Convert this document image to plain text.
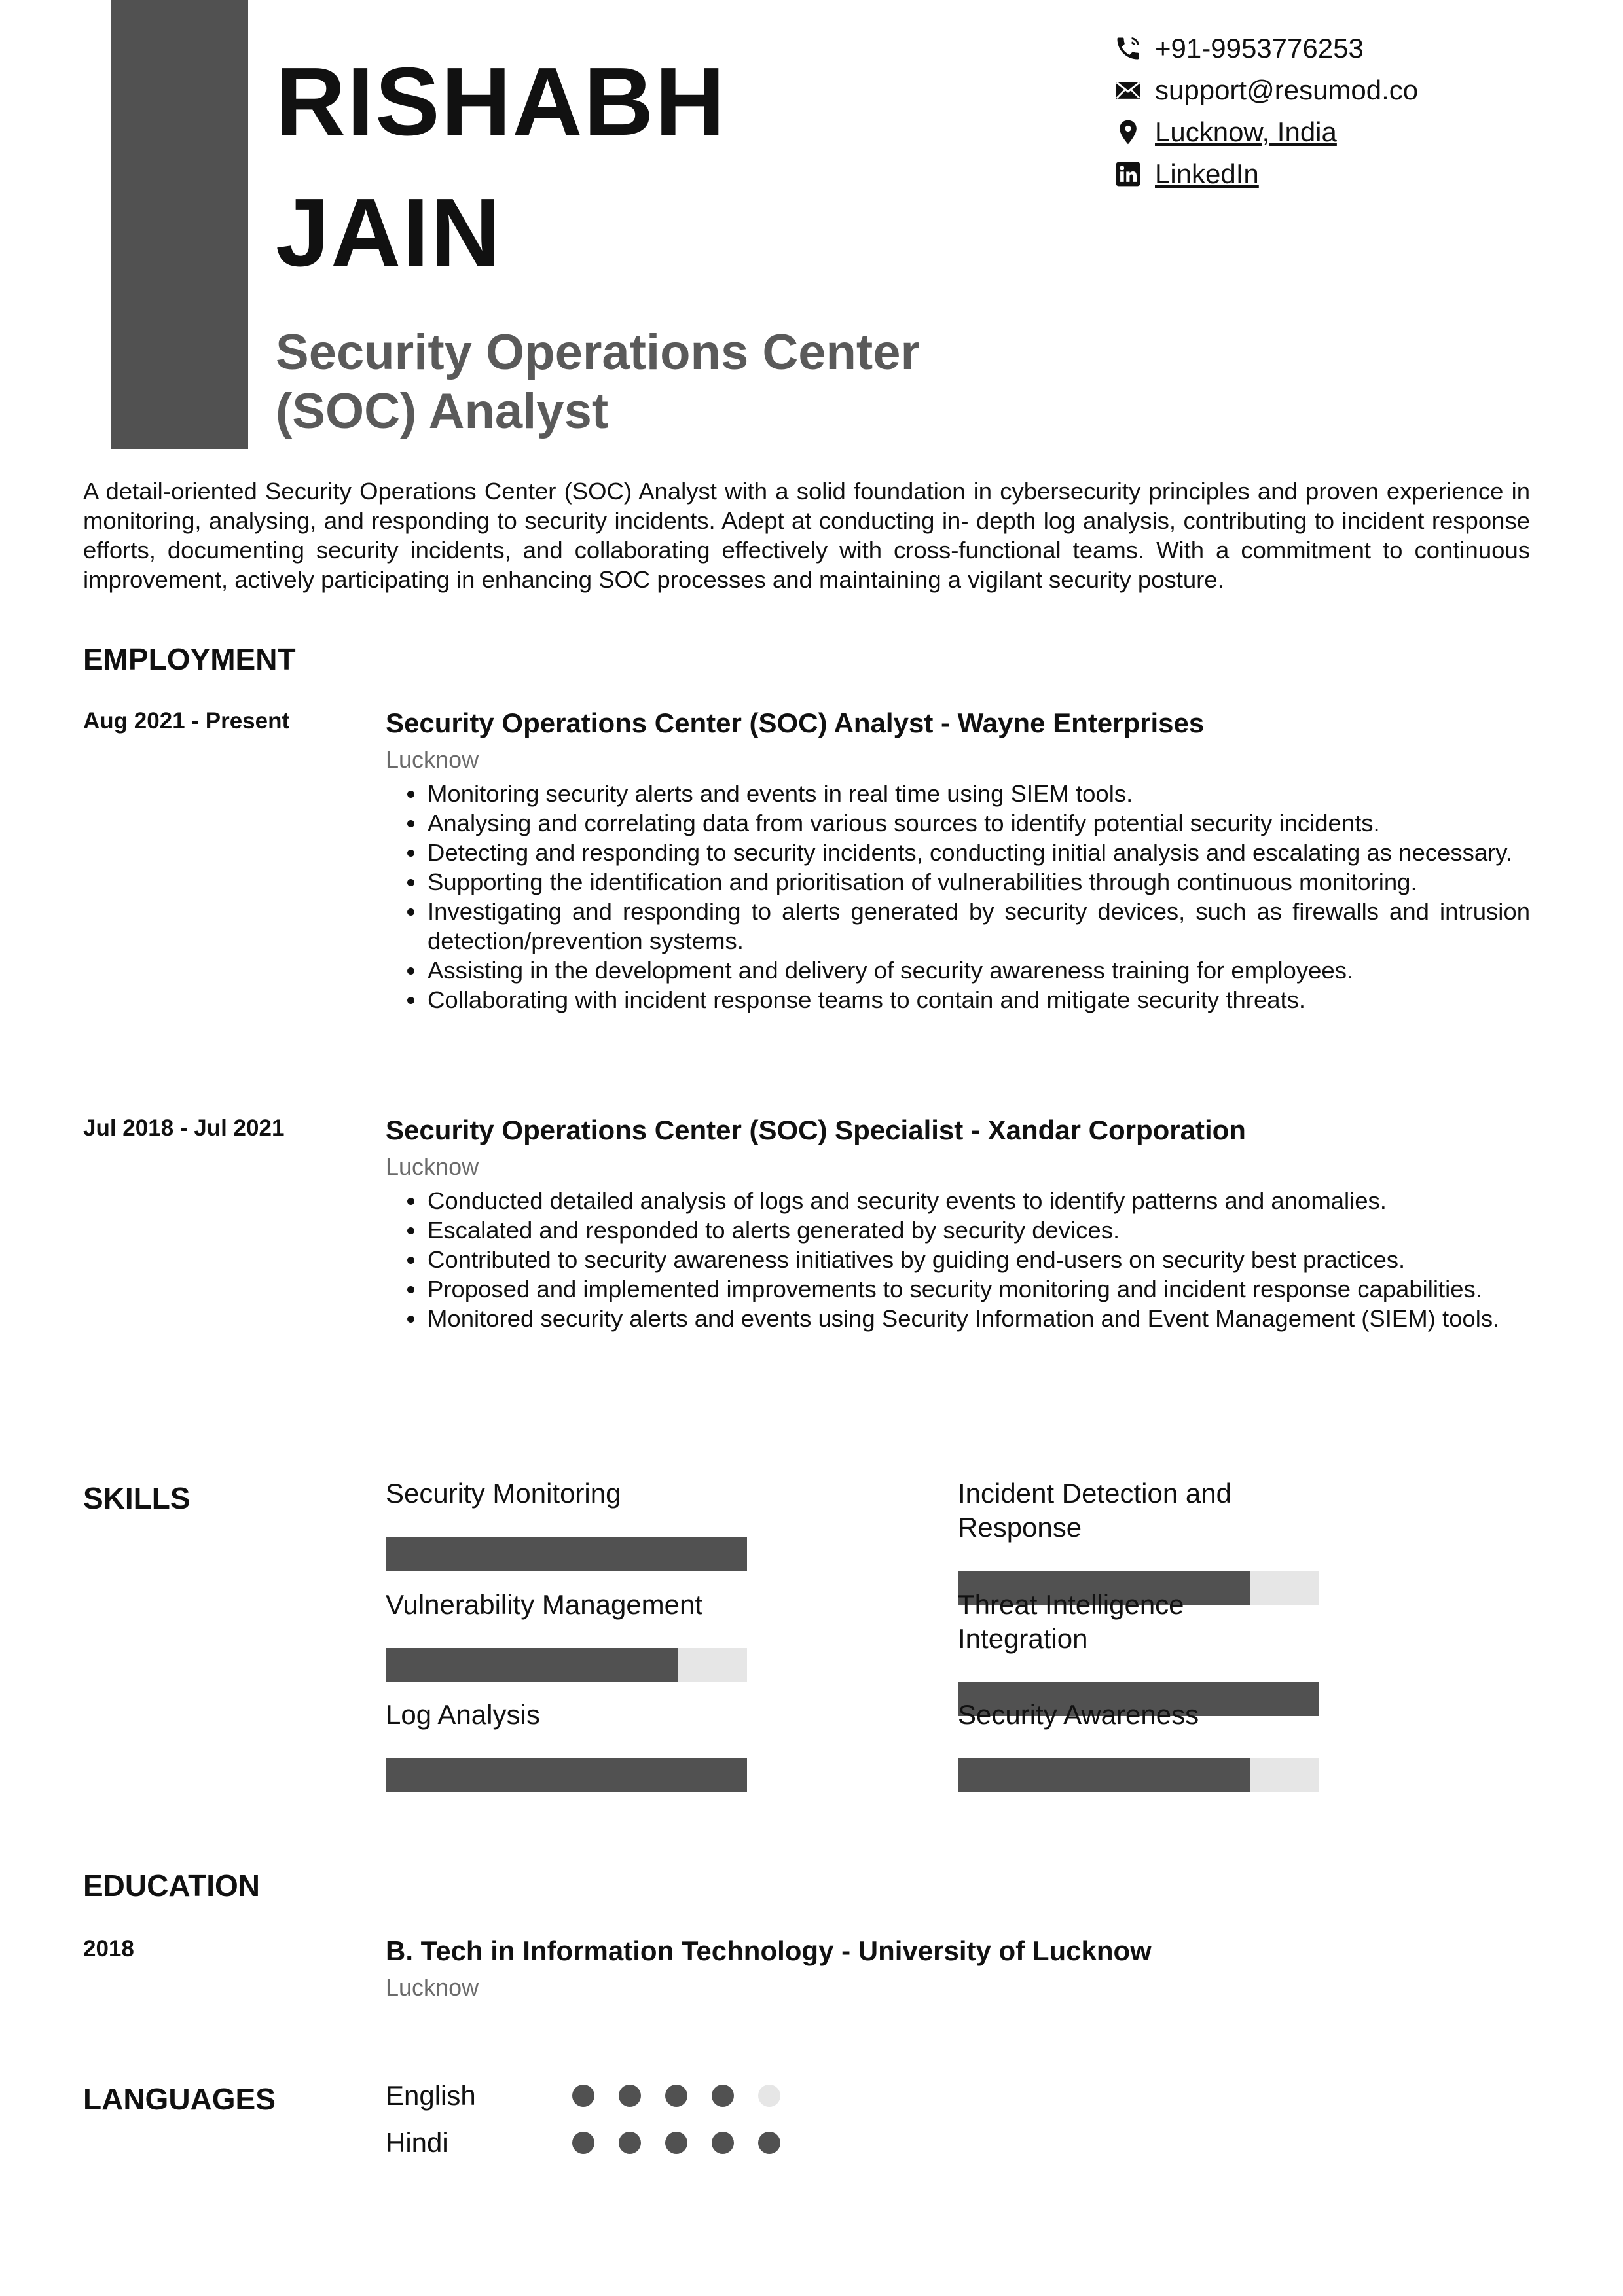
RISHABH
JAIN
Security Operations Center
(SOC) Analyst
+91-9953776253
support@resumod.co
Lucknow, India
LinkedIn
A detail-oriented Security Operations Center (SOC) Analyst with a solid foundation in cybersecurity principles and proven experience in monitoring, analysing, and responding to security incidents. Adept at conducting in- depth log analysis, contributing to incident response efforts, documenting security incidents, and collaborating effectively with cross-functional teams. With a commitment to continuous improvement, actively participating in enhancing SOC processes and maintaining a vigilant security posture.
EMPLOYMENT
Aug 2021 - Present	Security Operations Center (SOC) Analyst - Wayne Enterprises
Lucknow
• Monitoring security alerts and events in real time using SIEM tools.
• Analysing and correlating data from various sources to identify potential security incidents.
• Detecting and responding to security incidents, conducting initial analysis and escalating as necessary.
• Supporting the identification and prioritisation of vulnerabilities through continuous monitoring.
• Investigating and responding to alerts generated by security devices, such as firewalls and intrusion detection/prevention systems.
• Assisting in the development and delivery of security awareness training for employees.
• Collaborating with incident response teams to contain and mitigate security threats.
Jul 2018 - Jul 2021	Security Operations Center (SOC) Specialist - Xandar Corporation
Lucknow
• Conducted detailed analysis of logs and security events to identify patterns and anomalies.
• Escalated and responded to alerts generated by security devices.
• Contributed to security awareness initiatives by guiding end-users on security best practices.
• Proposed and implemented improvements to security monitoring and incident response capabilities.
• Monitored security alerts and events using Security Information and Event Management (SIEM) tools.
SKILLS	Security Monitoring	Incident Detection and Response
Vulnerability Management	Threat Intelligence Integration
Log Analysis	Security Awareness
EDUCATION
2018	B. Tech in Information Technology - University of Lucknow
Lucknow
LANGUAGES	English
Hindi
